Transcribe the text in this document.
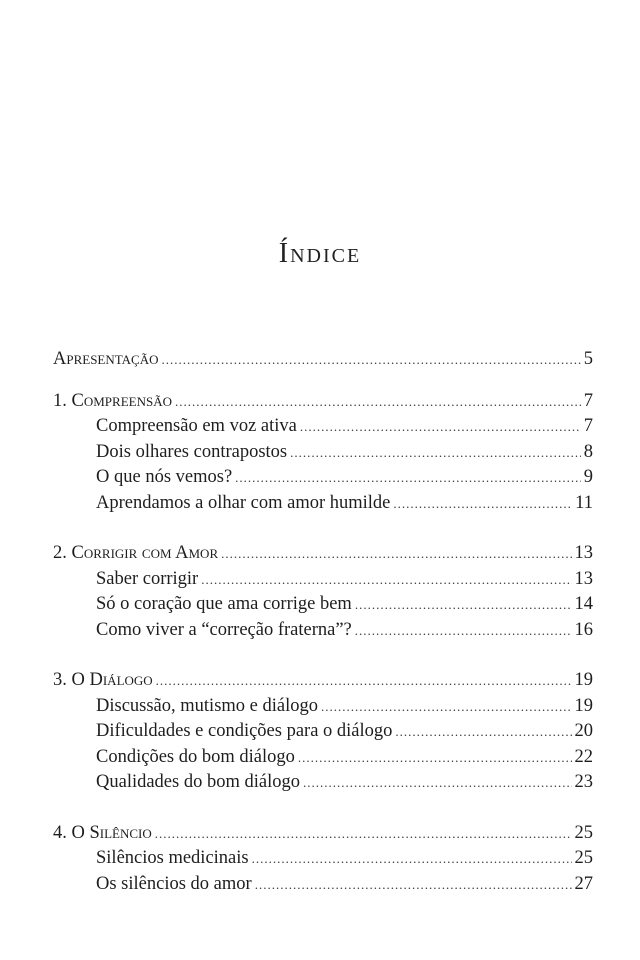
Índice
Apresentação .....	5
1. Compreensão .....	7
Compreensão em voz ativa .....	7
Dois olhares contrapostos .....	8
O que nós vemos? .....	9
Aprendamos a olhar com amor humilde .....	11
2. Corrigir com Amor .....	13
Saber corrigir .....	13
Só o coração que ama corrige bem .....	14
Como viver a “correção fraterna”? .....	16
3. O Diálogo .....	19
Discussão, mutismo e diálogo .....	19
Dificuldades e condições para o diálogo .....	20
Condições do bom diálogo .....	22
Qualidades do bom diálogo .....	23
4. O Silêncio .....	25
Silêncios medicinais .....	25
Os silêncios do amor .....	27
